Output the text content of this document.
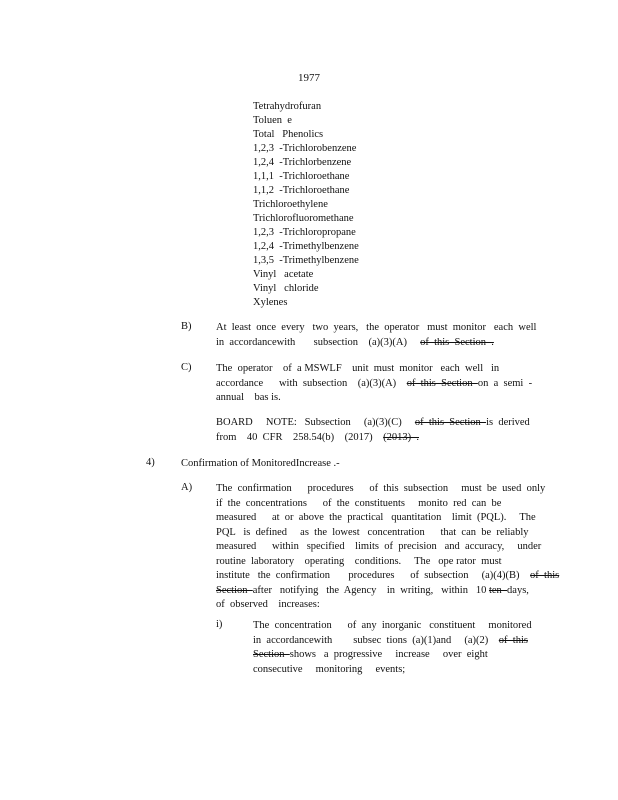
1977
Tetrahydrofuran
Toluen  e
Total   Phenolics
1,2,3  -Trichlorobenzene
1,2,4  -Trichlorbenzene
1,1,1  -Trichloroethane
1,1,2  -Trichloroethane
Trichloroethylene
Trichlorofluoromethane
1,2,3  -Trichloropropane
1,2,4  -Trimethylbenzene
1,3,5  -Trimethylbenzene
Vinyl   acetate
Vinyl   chloride
Xylenes
B) At  least  once  every   two  years,   the  operator   must  monitor   each  well
in  accordancewith       subsection    (a)(3)(A)     of  this  Section  .
C) The  operator    of  a MSWLF    unit  must  monitor   each  well   in
accordance      with  subsection    (a)(3)(A)    of  this  Section  on  a  semi  -
annual    bas is.
BOARD     NOTE:   Subsection     (a)(3)(C)     of  this  Section  is  derived
from    40  CFR    258.54(b)    (2017)    (2013)  .
4)	Confirmation of MonitoredIncrease .-
A) The  confirmation      procedures      of  this  subsection     must  be  used  only
if  the  concentrations      of  the  constituents     monito  red  can  be
measured      at  or  above  the  practical   quantitation    limit  (PQL).     The
PQL   is  defined     as  the  lowest   concentration      that  can  be  reliably
measured      within   specified    limits  of  precision   and  accuracy,     under
routine  laboratory    operating    conditions.     The   ope rator  must
institute   the  confirmation       procedures      of  subsection     (a)(4)(B)    of  this
Section  after   notifying   the  Agency    in  writing,   within   10 ten  days,
of  observed    increases:
i)	The  concentration      of  any  inorganic   constituent     monitored
in  accordancewith        subsec  tions  (a)(1)and     (a)(2)    of  this
Section  shows   a  progressive     increase     over  eight
consecutive     monitoring     events;
